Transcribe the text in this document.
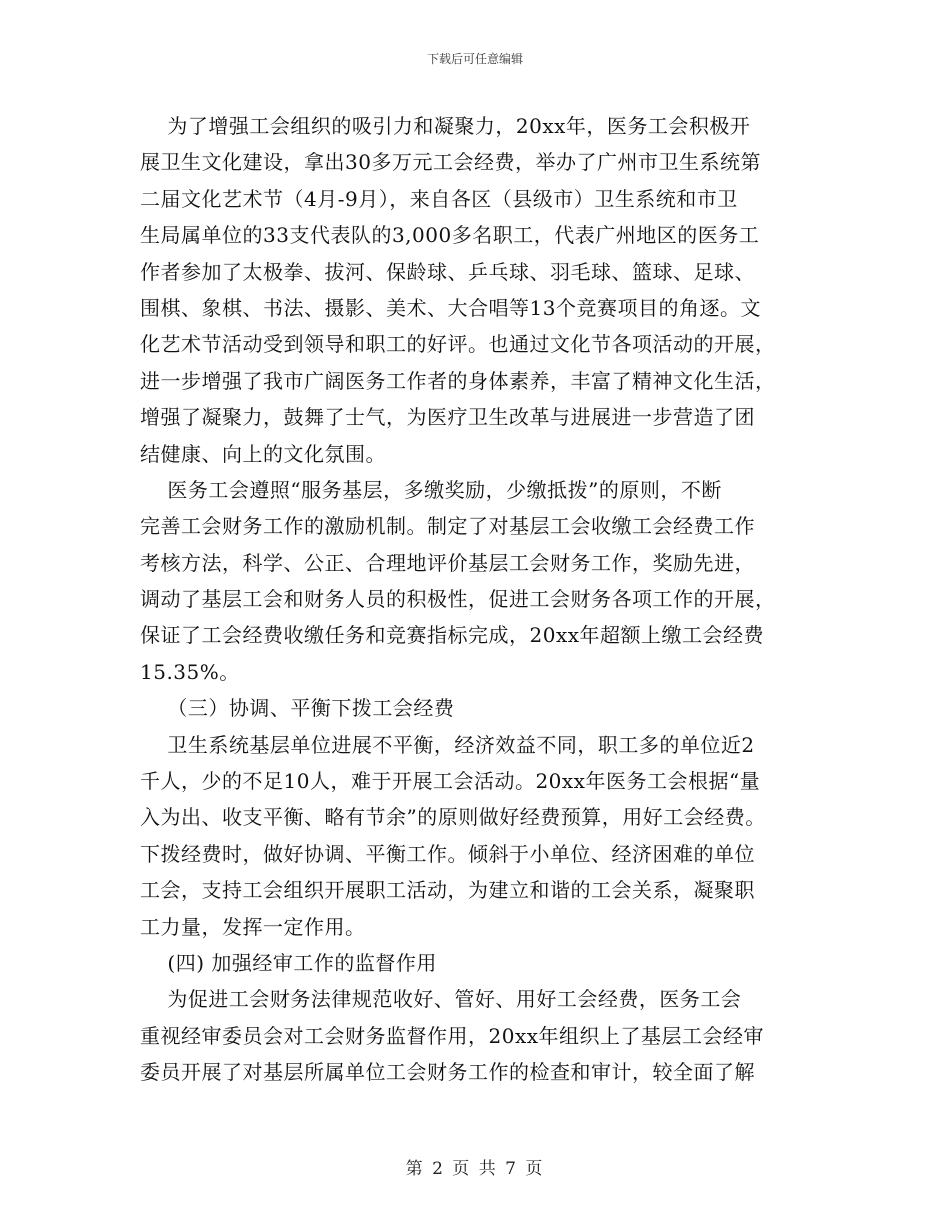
下载后可任意编辑
为了增强工会组织的吸引力和凝聚力，20xx年，医务工会积极开
展卫生文化建设，拿出30多万元工会经费，举办了广州市卫生系统第
二届文化艺术节（4月-9月），来自各区（县级市）卫生系统和市卫
生局属单位的33支代表队的3,000多名职工，代表广州地区的医务工
作者参加了太极拳、拔河、保龄球、乒乓球、羽毛球、篮球、足球、
围棋、象棋、书法、摄影、美术、大合唱等13个竞赛项目的角逐。文
化艺术节活动受到领导和职工的好评。也通过文化节各项活动的开展，
进一步增强了我市广阔医务工作者的身体素养，丰富了精神文化生活，
增强了凝聚力，鼓舞了士气，为医疗卫生改革与进展进一步营造了团
结健康、向上的文化氛围。
医务工会遵照“服务基层，多缴奖励，少缴抵拨”的原则，不断
完善工会财务工作的激励机制。制定了对基层工会收缴工会经费工作
考核方法，科学、公正、合理地评价基层工会财务工作，奖励先进，
调动了基层工会和财务人员的积极性，促进工会财务各项工作的开展，
保证了工会经费收缴任务和竞赛指标完成，20xx年超额上缴工会经费
15.35%。
（三）协调、平衡下拨工会经费
卫生系统基层单位进展不平衡，经济效益不同，职工多的单位近2
千人，少的不足10人，难于开展工会活动。20xx年医务工会根据“量
入为出、收支平衡、略有节余”的原则做好经费预算，用好工会经费。
下拨经费时，做好协调、平衡工作。倾斜于小单位、经济困难的单位
工会，支持工会组织开展职工活动，为建立和谐的工会关系，凝聚职
工力量，发挥一定作用。
(四) 加强经审工作的监督作用
为促进工会财务法律规范收好、管好、用好工会经费，医务工会
重视经审委员会对工会财务监督作用，20xx年组织上了基层工会经审
委员开展了对基层所属单位工会财务工作的检查和审计，较全面了解
第 2 页 共 7 页
